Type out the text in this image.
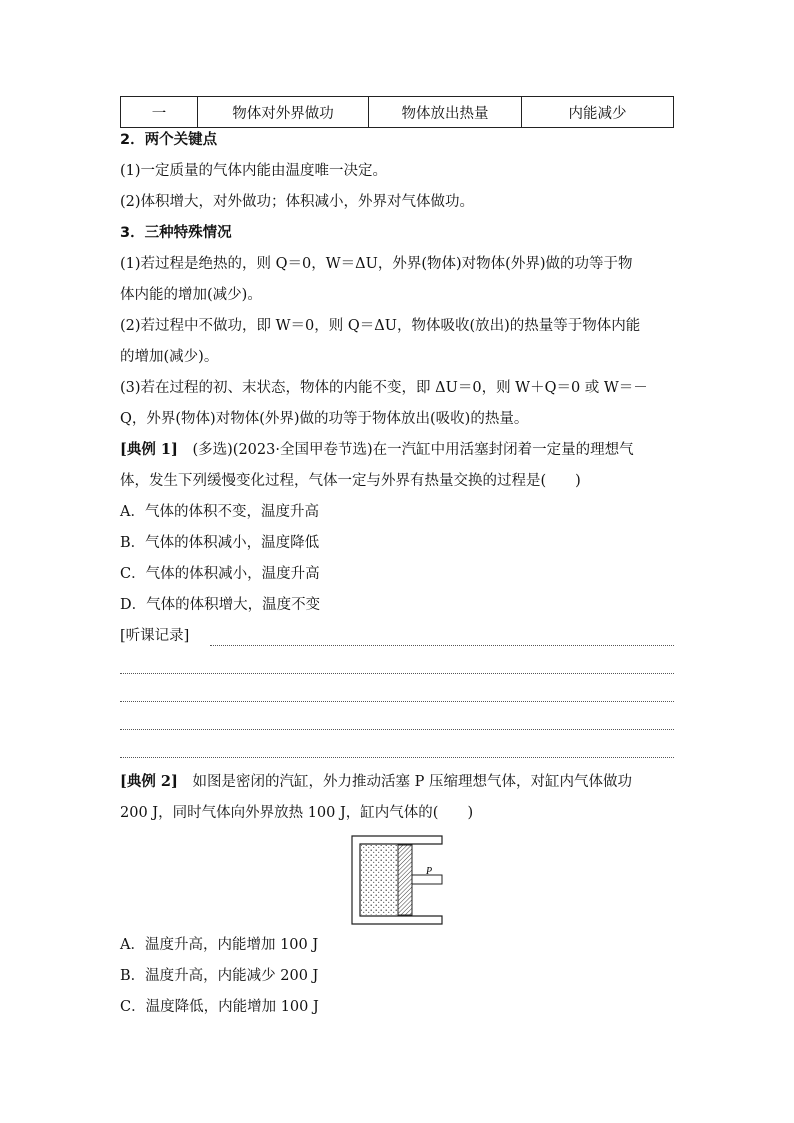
一	物体对外界做功	物体放出热量	内能减少
2．两个关键点
(1)一定质量的气体内能由温度唯一决定。
(2)体积增大，对外做功；体积减小，外界对气体做功。
3．三种特殊情况
(1)若过程是绝热的，则 Q＝0，W＝ΔU，外界(物体)对物体(外界)做的功等于物
体内能的增加(减少)。
(2)若过程中不做功，即 W＝0，则 Q＝ΔU，物体吸收(放出)的热量等于物体内能
的增加(减少)。
(3)若在过程的初、末状态，物体的内能不变，即 ΔU＝0，则 W＋Q＝0 或 W＝－
Q，外界(物体)对物体(外界)做的功等于物体放出(吸收)的热量。
[典例 1] (多选)(2023·全国甲卷节选)在一汽缸中用活塞封闭着一定量的理想气
体，发生下列缓慢变化过程，气体一定与外界有热量交换的过程是(　　)
A．气体的体积不变，温度升高
B．气体的体积减小，温度降低
C．气体的体积减小，温度升高
D．气体的体积增大，温度不变
[听课记录]
[典例 2] 如图是密闭的汽缸，外力推动活塞 P 压缩理想气体，对缸内气体做功
200 J，同时气体向外界放热 100 J，缸内气体的(　　)
P
A．温度升高，内能增加 100 J
B．温度升高，内能减少 200 J
C．温度降低，内能增加 100 J
